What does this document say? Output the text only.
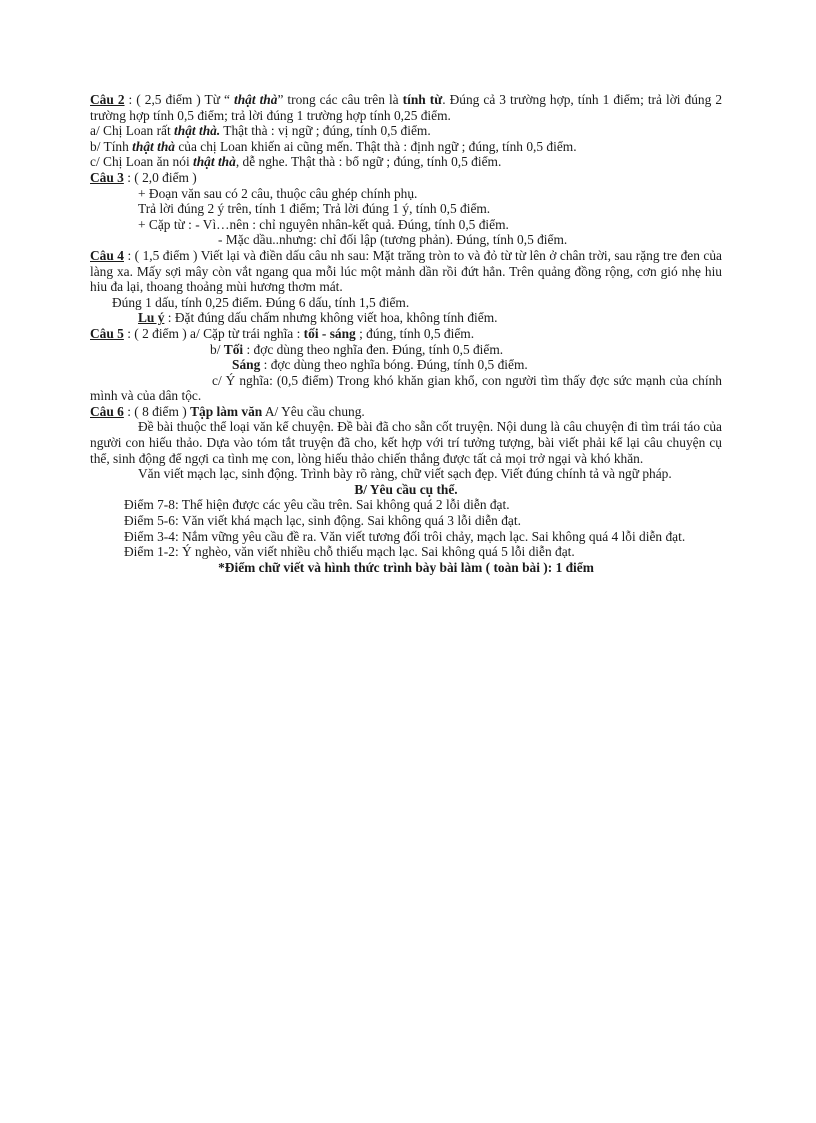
Câu 2 : ( 2,5 điểm ) Từ “ thật thà” trong các câu trên là tính từ. Đúng cả 3 trường hợp, tính 1 điểm; trả lời đúng 2 trường hợp tính 0,5 điểm; trả lời đúng 1 trường hợp tính 0,25 điểm.
a/ Chị Loan rất thật thà. Thật thà : vị ngữ ; đúng, tính 0,5 điểm.
b/ Tính thật thà của chị Loan khiến ai cũng mến. Thật thà : định ngữ ; đúng, tính 0,5 điểm.
c/ Chị Loan ăn nói thật thà, dễ nghe. Thật thà : bổ ngữ ; đúng, tính 0,5 điểm.
Câu 3 : ( 2,0 điểm )
+ Đoạn văn sau có 2 câu, thuộc câu ghép chính phụ.
Trả lời đúng 2 ý trên, tính 1 điểm; Trả lời đúng 1 ý, tính 0,5 điểm.
+ Cặp từ : - Vì…nên : chỉ nguyên nhân-kết quả. Đúng, tính 0,5 điểm.
- Mặc dầu..nhưng: chỉ đối lập (tương phản). Đúng, tính 0,5 điểm.
Câu 4 : ( 1,5 điểm ) Viết lại và điền dấu câu nh sau: Mặt trăng tròn to và đỏ từ từ lên ở chân trời, sau rặng tre đen của làng xa. Mấy sợi mây còn vắt ngang qua mỗi lúc một mảnh dần rồi đứt hẳn. Trên quảng đồng rộng, cơn gió nhẹ hiu hiu đa lại, thoang thoảng mùi hương thơm mát.
Đúng 1 dấu, tính 0,25 điểm. Đúng 6 dấu, tính 1,5 điểm.
Lu ý : Đặt đúng dấu chấm nhưng không viết hoa, không tính điểm.
Câu 5 : ( 2 điểm ) a/ Cặp từ trái nghĩa : tối - sáng ; đúng, tính 0,5 điểm.
b/ Tối : đợc dùng theo nghĩa đen. Đúng, tính 0,5 điểm.
Sáng : đợc dùng theo nghĩa bóng. Đúng, tính 0,5 điểm.
c/ Ý nghĩa: (0,5 điểm) Trong khó khăn gian khổ, con người tìm thấy đợc sức mạnh của chính mình và của dân tộc.
Câu 6 : ( 8 điểm ) Tập làm văn A/ Yêu cầu chung.
Đề bài thuộc thể loại văn kể chuyện. Đề bài đã cho sẵn cốt truyện. Nội dung là câu chuyện đi tìm trái táo của người con hiếu thảo. Dựa vào tóm tắt truyện đã cho, kết hợp với trí tưởng tượng, bài viết phải kể lại câu chuyện cụ thể, sinh động để ngợi ca tình mẹ con, lòng hiếu thảo chiến thắng được tất cả mọi trở ngại và khó khăn.
Văn viết mạch lạc, sinh động. Trình bày rõ ràng, chữ viết sạch đẹp. Viết đúng chính tả và ngữ pháp.
B/ Yêu cầu cụ thể.
Điểm 7-8: Thể hiện được các yêu cầu trên. Sai không quá 2 lỗi diễn đạt.
Điểm 5-6: Văn viết khá mạch lạc, sinh động. Sai không quá 3 lỗi diễn đạt.
Điểm 3-4: Nắm vững yêu cầu đề ra. Văn viết tương đối trôi chảy, mạch lạc. Sai không quá 4 lỗi diễn đạt.
Điểm 1-2: Ý nghèo, văn viết nhiều chỗ thiếu mạch lạc. Sai không quá 5 lỗi diễn đạt.
*Điểm chữ viết và hình thức trình bày bài làm ( toàn bài ): 1 điểm
